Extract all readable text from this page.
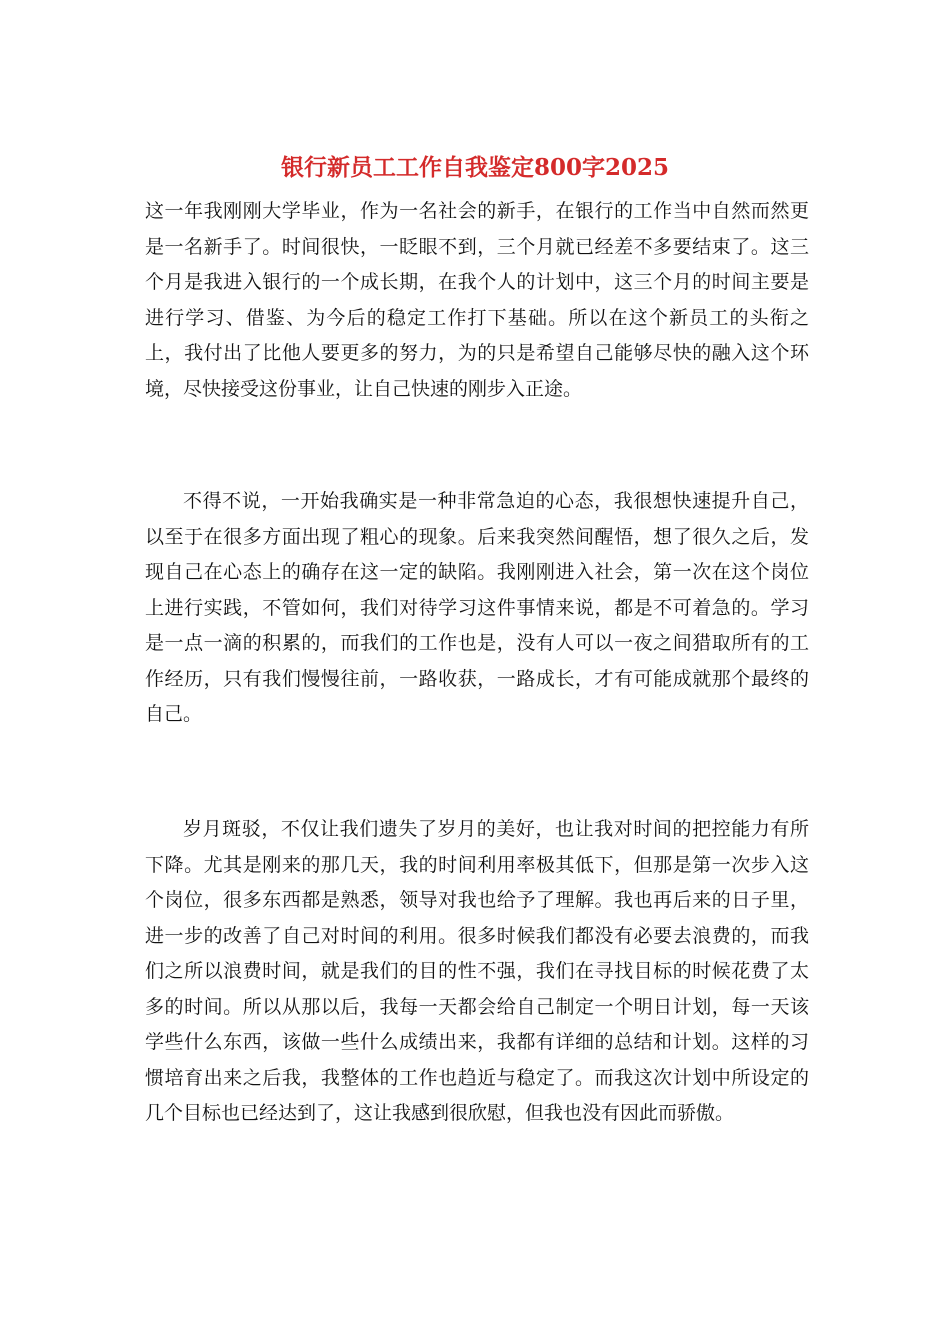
银行新员工工作自我鉴定800字2025

这一年我刚刚大学毕业，作为一名社会的新手，在银行的工作当中自然而然更是一名新手了。时间很快，一眨眼不到，三个月就已经差不多要结束了。这三个月是我进入银行的一个成长期，在我个人的计划中，这三个月的时间主要是进行学习、借鉴、为今后的稳定工作打下基础。所以在这个新员工的头衔之上，我付出了比他人要更多的努力，为的只是希望自己能够尽快的融入这个环境，尽快接受这份事业，让自己快速的刚步入正途。

不得不说，一开始我确实是一种非常急迫的心态，我很想快速提升自己，以至于在很多方面出现了粗心的现象。后来我突然间醒悟，想了很久之后，发现自己在心态上的确存在这一定的缺陷。我刚刚进入社会，第一次在这个岗位上进行实践，不管如何，我们对待学习这件事情来说，都是不可着急的。学习是一点一滴的积累的，而我们的工作也是，没有人可以一夜之间猎取所有的工作经历，只有我们慢慢往前，一路收获，一路成长，才有可能成就那个最终的自己。

岁月斑驳，不仅让我们遗失了岁月的美好，也让我对时间的把控能力有所下降。尤其是刚来的那几天，我的时间利用率极其低下，但那是第一次步入这个岗位，很多东西都是熟悉，领导对我也给予了理解。我也再后来的日子里，进一步的改善了自己对时间的利用。很多时候我们都没有必要去浪费的，而我们之所以浪费时间，就是我们的目的性不强，我们在寻找目标的时候花费了太多的时间。所以从那以后，我每一天都会给自己制定一个明日计划，每一天该学些什么东西，该做一些什么成绩出来，我都有详细的总结和计划。这样的习惯培育出来之后我，我整体的工作也趋近与稳定了。而我这次计划中所设定的几个目标也已经达到了，这让我感到很欣慰，但我也没有因此而骄傲。
